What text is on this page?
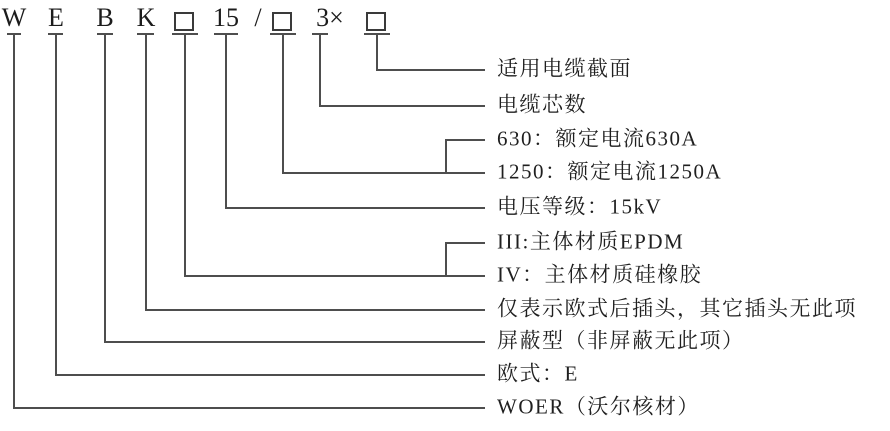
W E B K 15 / 3×
适用电缆截面
电缆芯数
630：额定电流630A
1250：额定电流1250A
电压等级：15kV
III:主体材质EPDM
IV：主体材质硅橡胶
仅表示欧式后插头，其它插头无此项
屏蔽型（非屏蔽无此项）
欧式：E
WOER（沃尔核材）
